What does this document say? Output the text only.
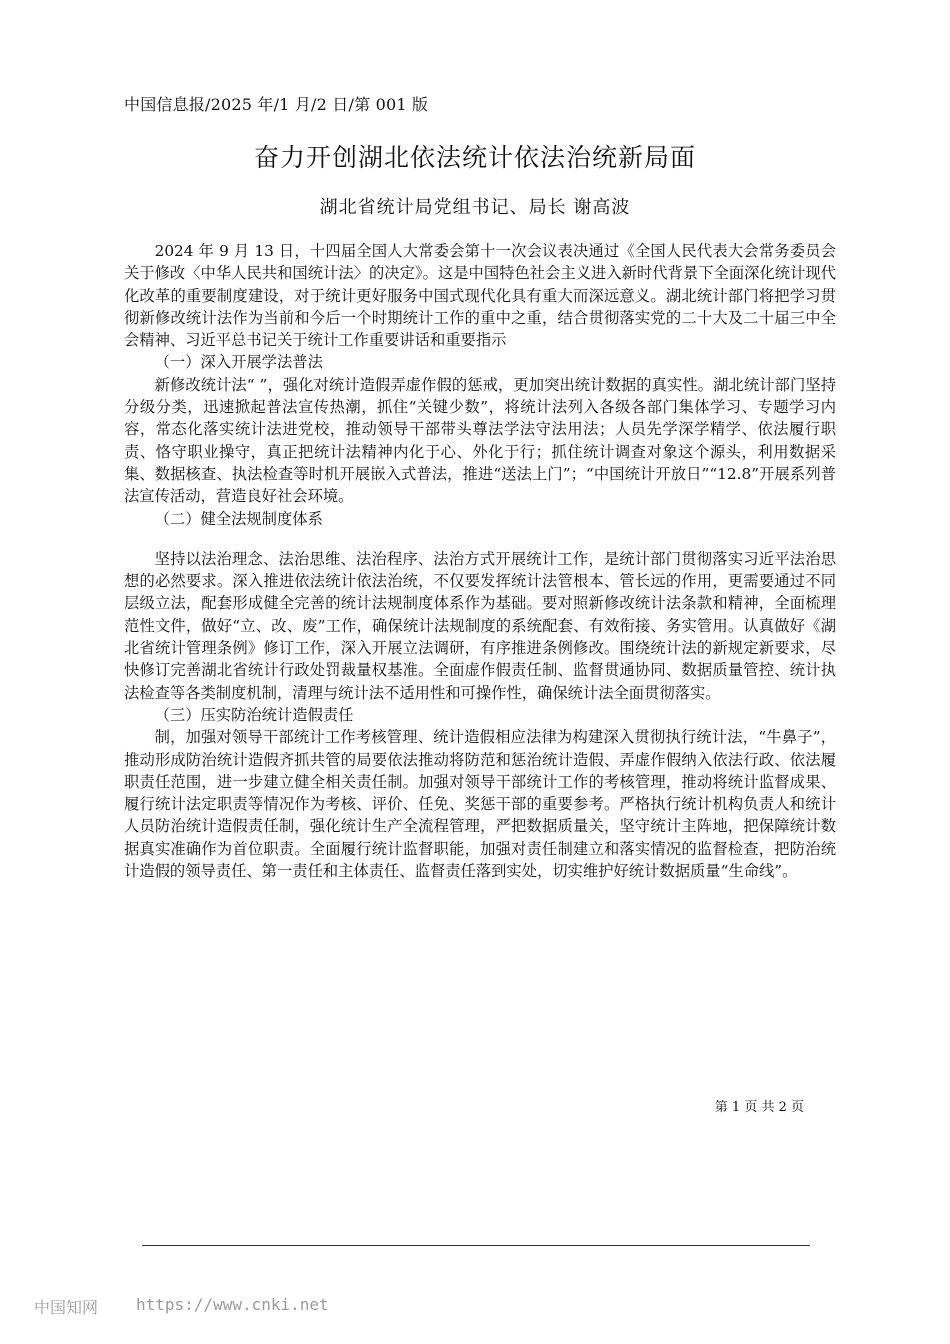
中国信息报/2025 年/1 月/2 日/第 001 版
奋力开创湖北依法统计依法治统新局面
湖北省统计局党组书记、局长 谢高波

2024 年 9 月 13 日，十四届全国人大常委会第十一次会议表决通过《全国人民代表大会常务委员会关于修改〈中华人民共和国统计法〉的决定》。这是中国特色社会主义进入新时代背景下全面深化统计现代化改革的重要制度建设，对于统计更好服务中国式现代化具有重大而深远意义。湖北统计部门将把学习贯彻新修改统计法作为当前和今后一个时期统计工作的重中之重，结合贯彻落实党的二十大及二十届三中全会精神、习近平总书记关于统计工作重要讲话和重要指示

（一）深入开展学法普法

新修改统计法“ ”，强化对统计造假弄虚作假的惩戒，更加突出统计数据的真实性。湖北统计部门坚持分级分类，迅速掀起普法宣传热潮，抓住“关键少数”，将统计法列入各级各部门集体学习、专题学习内容，常态化落实统计法进党校，推动领导干部带头尊法学法守法用法；人员先学深学精学、依法履行职责、恪守职业操守，真正把统计法精神内化于心、外化于行；抓住统计调查对象这个源头，利用数据采集、数据核查、执法检查等时机开展嵌入式普法，推进“送法上门”；“中国统计开放日”“12.8”开展系列普法宣传活动，营造良好社会环境。

（二）健全法规制度体系

坚持以法治理念、法治思维、法治程序、法治方式开展统计工作，是统计部门贯彻落实习近平法治思想的必然要求。深入推进依法统计依法治统，不仅要发挥统计法管根本、管长远的作用，更需要通过不同层级立法，配套形成健全完善的统计法规制度体系作为基础。要对照新修改统计法条款和精神，全面梳理范性文件，做好“立、改、废”工作，确保统计法规制度的系统配套、有效衔接、务实管用。认真做好《湖北省统计管理条例》修订工作，深入开展立法调研，有序推进条例修改。围绕统计法的新规定新要求，尽快修订完善湖北省统计行政处罚裁量权基准。全面虚作假责任制、监督贯通协同、数据质量管控、统计执法检查等各类制度机制，清理与统计法不适用性和可操作性，确保统计法全面贯彻落实。

（三）压实防治统计造假责任

制，加强对领导干部统计工作考核管理、统计造假相应法律为构建深入贯彻执行统计法，“牛鼻子”，推动形成防治统计造假齐抓共管的局要依法推动将防范和惩治统计造假、弄虚作假纳入依法行政、依法履职责任范围，进一步建立健全相关责任制。加强对领导干部统计工作的考核管理，推动将统计监督成果、履行统计法定职责等情况作为考核、评价、任免、奖惩干部的重要参考。严格执行统计机构负责人和统计人员防治统计造假责任制，强化统计生产全流程管理，严把数据质量关，坚守统计主阵地，把保障统计数据真实准确作为首位职责。全面履行统计监督职能，加强对责任制建立和落实情况的监督检查，把防治统计造假的领导责任、第一责任和主体责任、监督责任落到实处，切实维护好统计数据质量“生命线”。

第 1 页 共 2 页
中国知网 https://www.cnki.net
